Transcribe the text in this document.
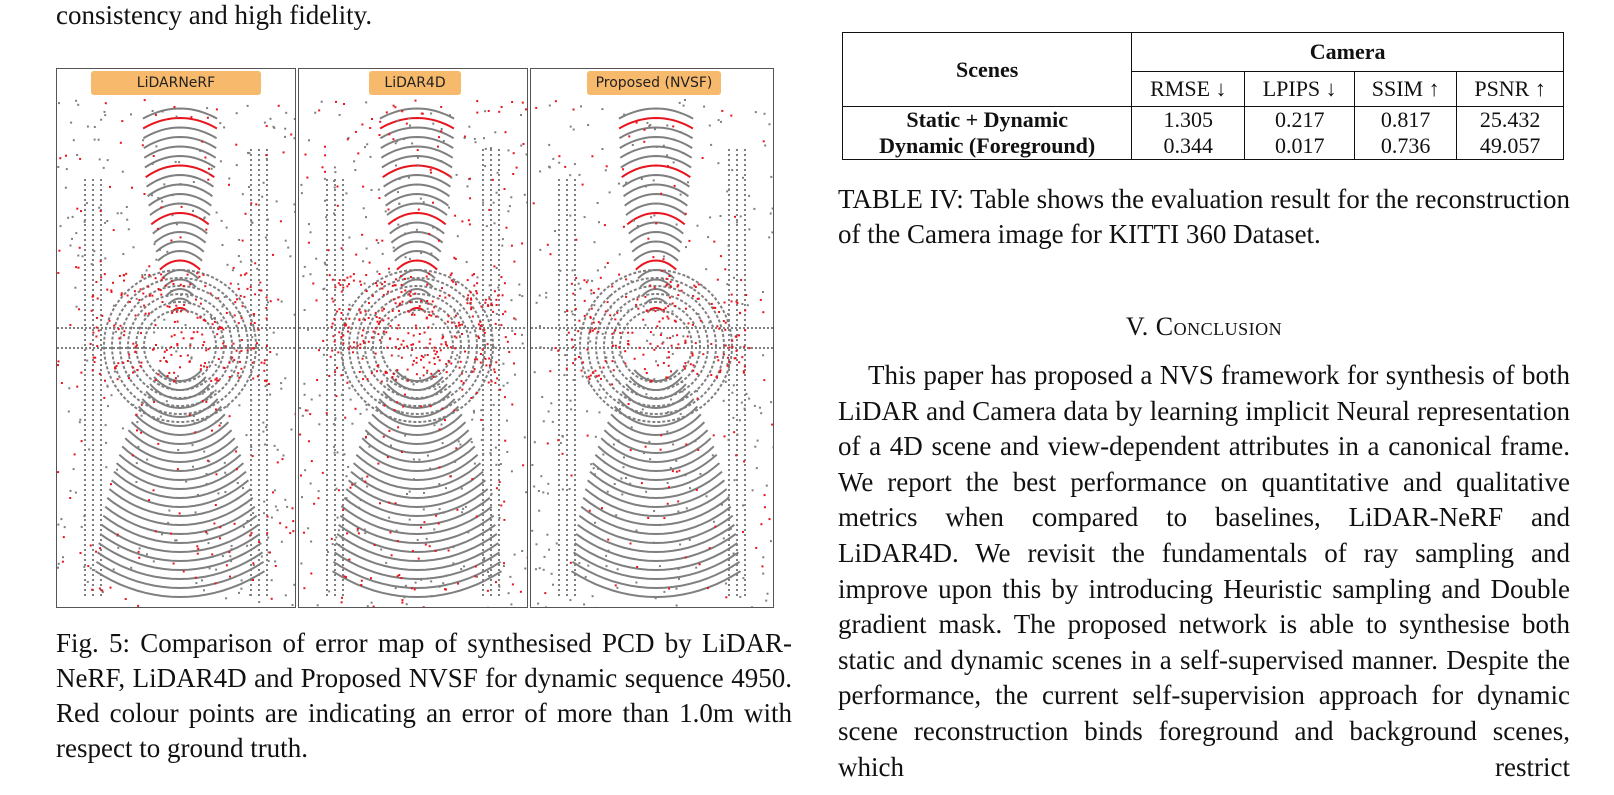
consistency and high fidelity.
LiDARNeRF	LiDAR4D	Proposed (NVSF)
Fig. 5: Comparison of error map of synthesised PCD by LiDAR-NeRF, LiDAR4D and Proposed NVSF for dynamic sequence 4950. Red colour points are indicating an error of more than 1.0m with respect to ground truth.
Scenes	Camera			
	RMSE ↓	LPIPS ↓	SSIM ↑	PSNR ↑
Static + Dynamic	1.305	0.217	0.817	25.432
Dynamic (Foreground)	0.344	0.017	0.736	49.057
TABLE IV: Table shows the evaluation result for the reconstruction of the Camera image for KITTI 360 Dataset.
V. Conclusion
This paper has proposed a NVS framework for synthesis of both LiDAR and Camera data by learning implicit Neural representation of a 4D scene and view-dependent attributes in a canonical frame. We report the best performance on quantitative and qualitative metrics when compared to baselines, LiDAR-NeRF and LiDAR4D. We revisit the fundamentals of ray sampling and improve upon this by introducing Heuristic sampling and Double gradient mask. The proposed network is able to synthesise both static and dynamic scenes in a self-supervised manner. Despite the performance, the current self-supervision approach for dynamic scene reconstruction binds foreground and background scenes, which restrict
